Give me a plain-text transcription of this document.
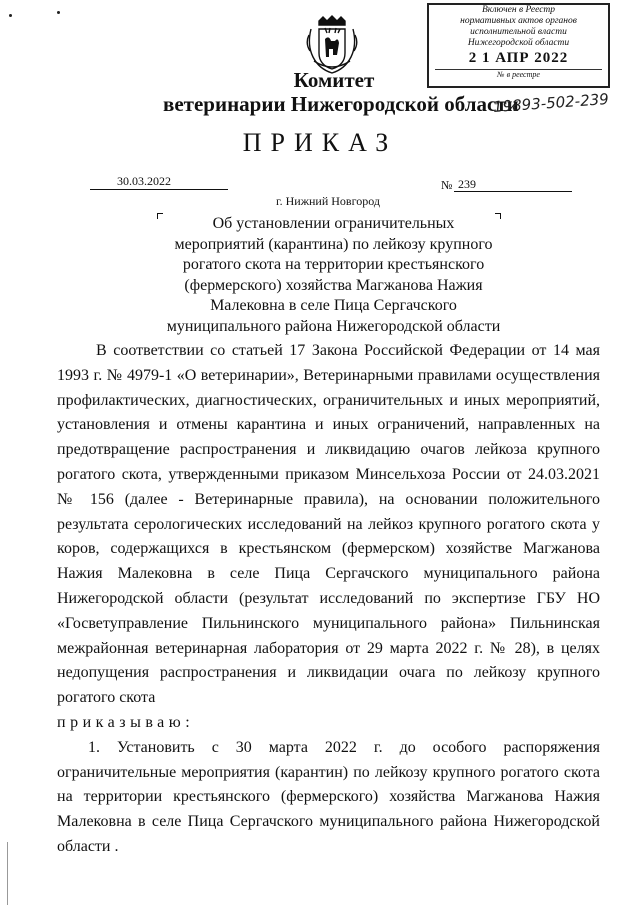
Включен в Реестр
нормативных актов органов
исполнительной власти
Нижегородской области
2 1 АПР 2022
№ в реестре
Комитет
ветеринарии Нижегородской области
19893-502-239
ПРИКАЗ
30.03.2022	№ 239
г. Нижний Новгород
Об установлении ограничительных мероприятий (карантина) по лейкозу крупного рогатого скота на территории крестьянского (фермерского) хозяйства Магжанова Нажия Малековна в селе Пица Сергачского муниципального района Нижегородской области

В соответствии со статьей 17 Закона Российской Федерации от 14 мая 1993 г. № 4979-1 «О ветеринарии», Ветеринарными правилами осуществления профилактических, диагностических, ограничительных и иных мероприятий, установления и отмены карантина и иных ограничений, направленных на предотвращение распространения и ликвидацию очагов лейкоза крупного рогатого скота, утвержденными приказом Минсельхоза России от 24.03.2021 № 156 (далее - Ветеринарные правила), на основании положительного результата серологических исследований на лейкоз крупного рогатого скота у коров, содержащихся в крестьянском (фермерском) хозяйстве Магжанова Нажия Малековна в селе Пица Сергачского муниципального района Нижегородской области (результат исследований по экспертизе ГБУ НО «Госветуправление Пильнинского муниципального района» Пильнинская межрайонная ветеринарная лаборатория от 29 марта 2022 г. № 28), в целях недопущения распространения и ликвидации очага по лейкозу крупного рогатого скота

приказываю:

1. Установить с 30 марта 2022 г. до особого распоряжения ограничительные мероприятия (карантин) по лейкозу крупного рогатого скота на территории крестьянского (фермерского) хозяйства Магжанова Нажия Малековна в селе Пица Сергачского муниципального района Нижегородской области .
